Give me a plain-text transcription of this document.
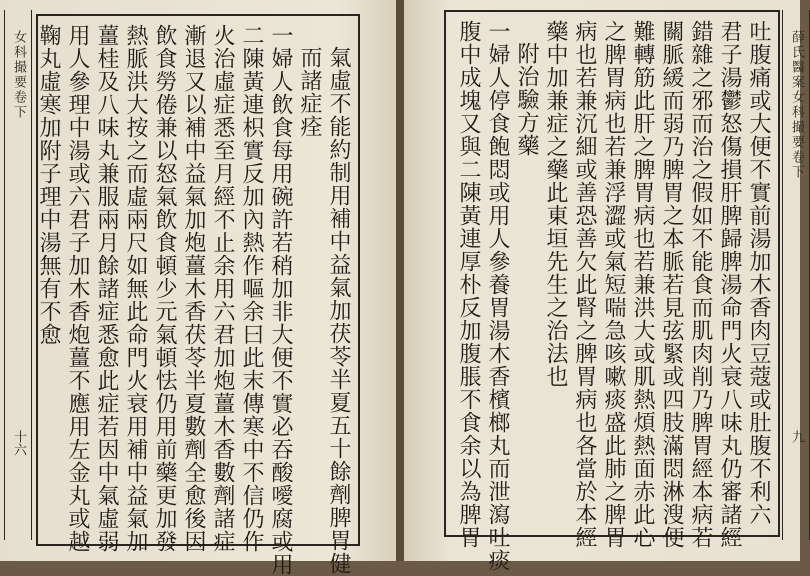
女科撮要卷下
十六	氣虛不能約制用補中益氣加茯苓半夏五十餘劑脾胃健
而諸症痊
一婦人飲食每用碗許若稍加非大便不實必吞酸噯腐或用
二陳黃連枳實反加內熱作嘔余曰此末傳寒中不信仍作
火治虛症悉至月經不止余用六君加炮薑木香數劑諸症
漸退又以補中益氣加炮薑木香茯苓半夏數劑全愈後因
飲食勞倦兼以怒氣飲食頓少元氣頓怯仍用前藥更加發
熱脈洪大按之而虛兩尺如無此命門火衰用補中益氣加
薑桂及八味丸兼服兩月餘諸症悉愈此症若因中氣虛弱
用人參理中湯或六君子加木香炮薑不應用左金丸或越
鞠丸虛寒加附子理中湯無有不愈	吐腹痛或大便不實前湯加木香肉豆蔻或肚腹不利六
君子湯鬱怒傷損肝脾歸脾湯命門火衰八味丸仍審諸經
錯雜之邪而治之假如不能食而肌肉削乃脾胃經本病若
關脈緩而弱乃脾胃之本脈若見弦緊或四肢滿悶淋溲便
難轉筋此肝之脾胃病也若兼洪大或肌熱煩熱面赤此心
之脾胃病也若兼浮澀或氣短喘急咳嗽痰盛此肺之脾胃
病也若兼沉細或善恐善欠此腎之脾胃病也各當於本經
藥中加兼症之藥此東垣先生之治法也
附治驗方藥
一婦人停食飽悶或用人參養胃湯木香檳榔丸而泄瀉吐痰
腹中成塊又與二陳黃連厚朴反加腹脹不食余以為脾胃	薛氏醫案女科撮要卷下
九
